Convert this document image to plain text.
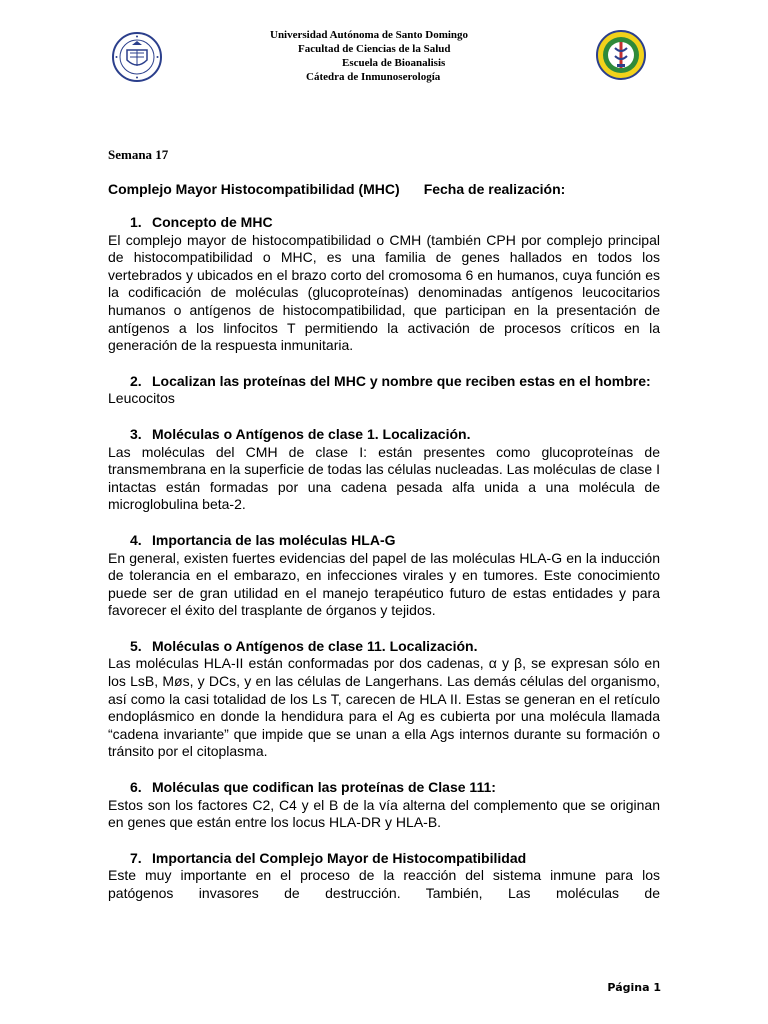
Universidad Autónoma de Santo Domingo
Facultad de Ciencias de la Salud
Escuela de Bioanalisis
Cátedra de Inmunoserología
Semana 17
Complejo Mayor Histocompatibilidad (MHC) Fecha de realización:
1. Concepto de MHC

El complejo mayor de histocompatibilidad o CMH (también CPH por complejo principal de histocompatibilidad o MHC, es una familia de genes hallados en todos los vertebrados y ubicados en el brazo corto del cromosoma 6 en humanos, cuya función es la codificación de moléculas (glucoproteínas) denominadas antígenos leucocitarios humanos o antígenos de histocompatibilidad, que participan en la presentación de antígenos a los linfocitos T permitiendo la activación de procesos críticos en la generación de la respuesta inmunitaria.

2. Localizan las proteínas del MHC y nombre que reciben estas en el hombre:

Leucocitos

3. Moléculas o Antígenos de clase 1. Localización.

Las moléculas del CMH de clase I: están presentes como glucoproteínas de transmembrana en la superficie de todas las células nucleadas. Las moléculas de clase I intactas están formadas por una cadena pesada alfa unida a una molécula de microglobulina beta-2.

4. Importancia de las moléculas HLA-G

En general, existen fuertes evidencias del papel de las moléculas HLA-G en la inducción de tolerancia en el embarazo, en infecciones virales y en tumores. Este conocimiento puede ser de gran utilidad en el manejo terapéutico futuro de estas entidades y para favorecer el éxito del trasplante de órganos y tejidos.

5. Moléculas o Antígenos de clase 11. Localización.

Las moléculas HLA-II están conformadas por dos cadenas, α y β, se expresan sólo en los LsB, Møs, y DCs, y en las células de Langerhans. Las demás células del organismo, así como la casi totalidad de los Ls T, carecen de HLA II. Estas se generan en el retículo endoplásmico en donde la hendidura para el Ag es cubierta por una molécula llamada “cadena invariante” que impide que se unan a ella Ags internos durante su formación o tránsito por el citoplasma.

6. Moléculas que codifican las proteínas de Clase 111:

Estos son los factores C2, C4 y el B de la vía alterna del complemento que se originan en genes que están entre los locus HLA-DR y HLA-B.

7. Importancia del Complejo Mayor de Histocompatibilidad

Este muy importante en el proceso de la reacción del sistema inmune para los patógenos invasores de destrucción. También, Las moléculas de

Página 1
